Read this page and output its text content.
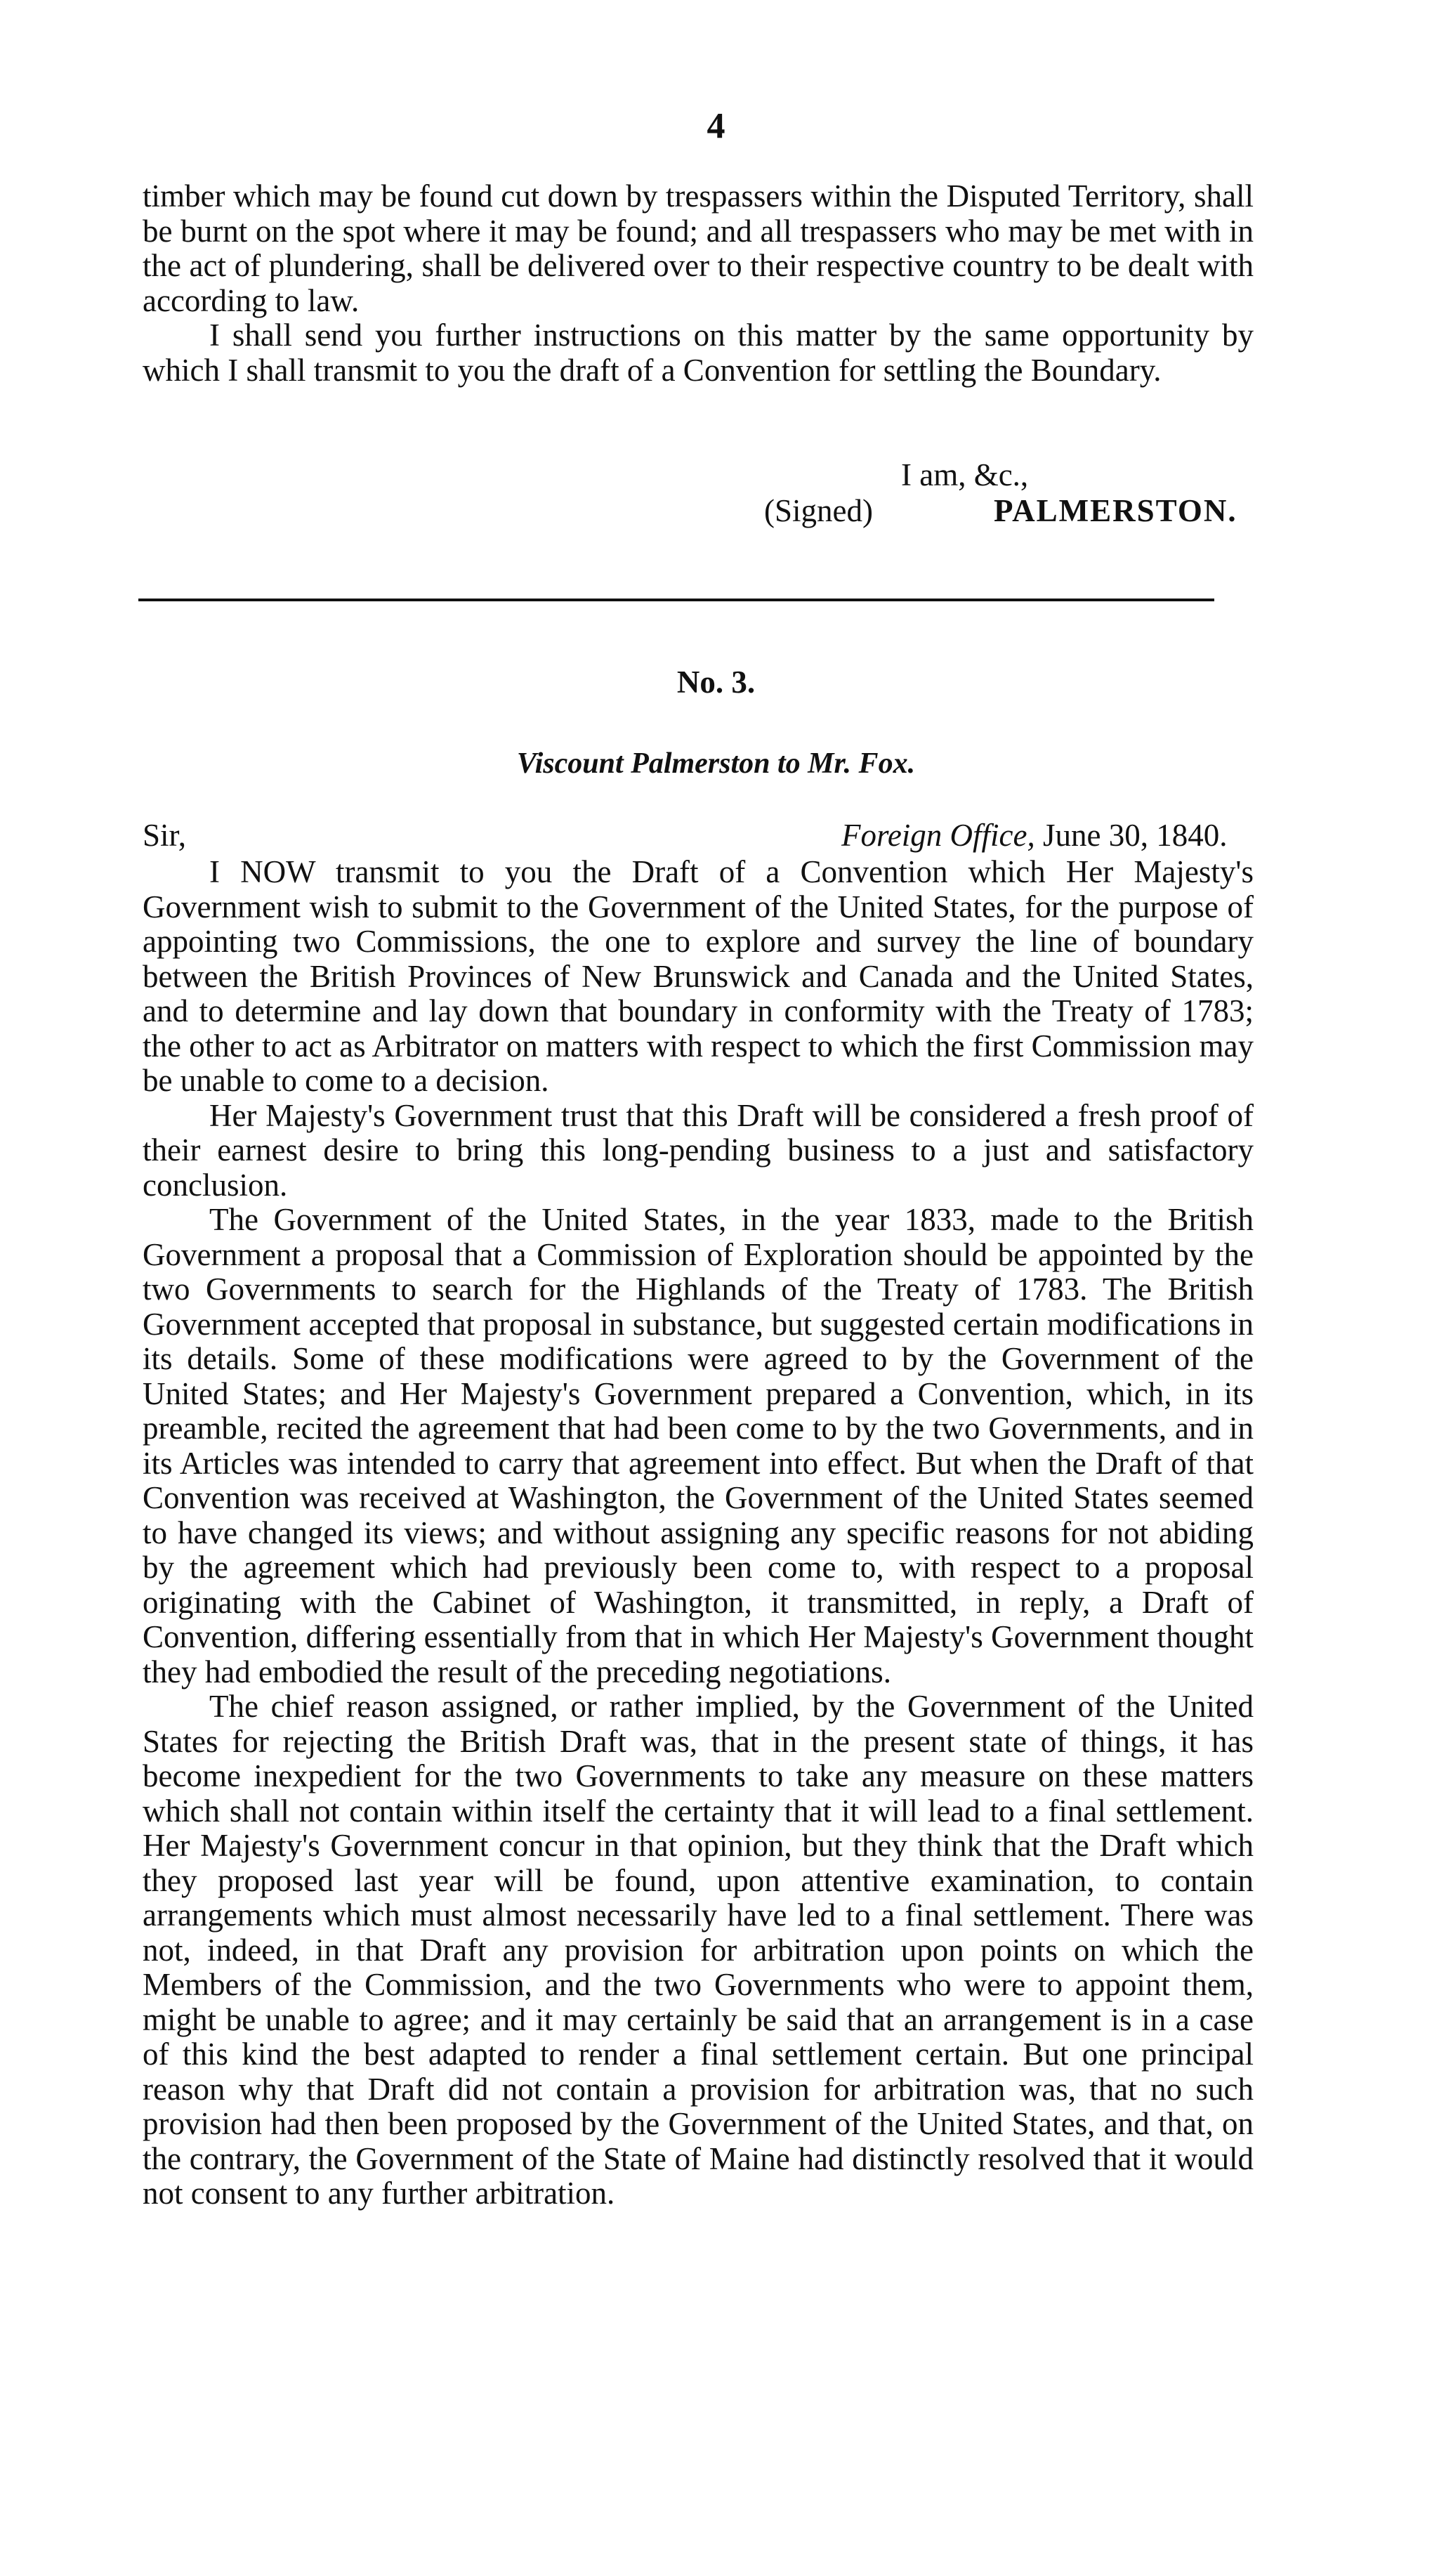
4

timber which may be found cut down by trespassers within the Disputed Territory, shall be burnt on the spot where it may be found; and all trespassers who may be met with in the act of plundering, shall be delivered over to their respective country to be dealt with according to law.

I shall send you further instructions on this matter by the same opportunity by which I shall transmit to you the draft of a Convention for settling the Boundary.

I am, &c.,
(Signed)	PALMERSTON.
No. 3.
Viscount Palmerston to Mr. Fox.
Sir,	Foreign Office, June 30, 1840.

I NOW transmit to you the Draft of a Convention which Her Majesty's Government wish to submit to the Government of the United States, for the purpose of appointing two Commissions, the one to explore and survey the line of boundary between the British Provinces of New Brunswick and Canada and the United States, and to determine and lay down that boundary in conformity with the Treaty of 1783; the other to act as Arbitrator on matters with respect to which the first Commission may be unable to come to a decision.

Her Majesty's Government trust that this Draft will be considered a fresh proof of their earnest desire to bring this long-pending business to a just and satisfactory conclusion.

The Government of the United States, in the year 1833, made to the British Government a proposal that a Commission of Exploration should be appointed by the two Governments to search for the Highlands of the Treaty of 1783. The British Government accepted that proposal in substance, but suggested certain modifications in its details. Some of these modifications were agreed to by the Government of the United States; and Her Majesty's Government prepared a Convention, which, in its preamble, recited the agreement that had been come to by the two Governments, and in its Articles was intended to carry that agreement into effect. But when the Draft of that Convention was received at Washington, the Government of the United States seemed to have changed its views; and without assigning any specific reasons for not abiding by the agreement which had previously been come to, with respect to a proposal originating with the Cabinet of Washington, it transmitted, in reply, a Draft of Convention, differing essentially from that in which Her Majesty's Government thought they had embodied the result of the preceding negotiations.

The chief reason assigned, or rather implied, by the Government of the United States for rejecting the British Draft was, that in the present state of things, it has become inexpedient for the two Governments to take any measure on these matters which shall not contain within itself the certainty that it will lead to a final settlement. Her Majesty's Government concur in that opinion, but they think that the Draft which they proposed last year will be found, upon attentive examination, to contain arrangements which must almost necessarily have led to a final settlement. There was not, indeed, in that Draft any provision for arbitration upon points on which the Members of the Commission, and the two Governments who were to appoint them, might be unable to agree; and it may certainly be said that an arrangement is in a case of this kind the best adapted to render a final settlement certain. But one principal reason why that Draft did not contain a provision for arbitration was, that no such provision had then been proposed by the Government of the United States, and that, on the contrary, the Government of the State of Maine had distinctly resolved that it would not consent to any further arbitration.
